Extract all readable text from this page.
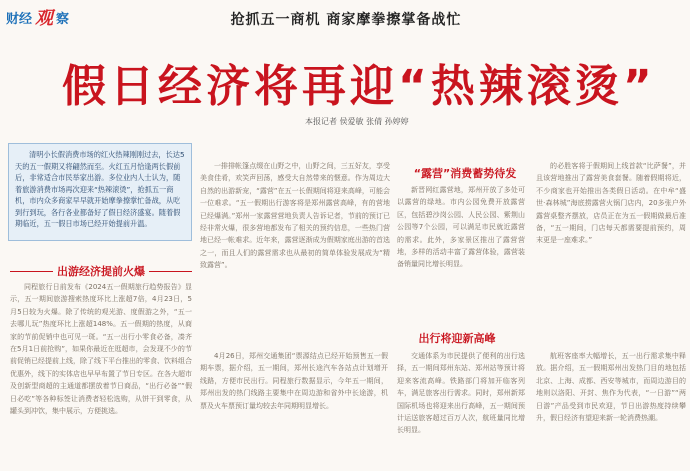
财经 观 察	抢抓五一商机 商家摩拳擦掌备战忙
假日经济将再迎“热辣滚烫”
本报记者 侯爱敏 张倩 孙婷婷

清明小长假消费市场的红火热辣刚刚过去，长达5天的五一假期又将翩然而至。火红五月恰逢两长假前后，非常适合市民举家出游。多位业内人士认为，随着旅游消费市场再次迎来“热辣滚烫”，抢抓五一商机，市内众多商家早早就开始摩拳擦掌忙备战，从吃到行到玩，各行各业都备好了假日经济盛宴。随着假期临近，五一假日市场已经开始提前升温。

出游经济提前火爆
“露营”消费蓄势待发
出行将迎新高峰

同程旅行日前发布《2024五一假期旅行趋势报告》显示，五一期间旅游搜索热度环比上涨超7倍，4月23日，5月5日较为火爆。除了传统的观光游、度假游之外，“五一去哪儿玩”热度环比上涨超148%。五一假期的热度，从商家的节前促销中也可见一斑。“五一出行小零食必备，凑齐在5月1日前抢购”，如果你最近在逛超市，会发现不少的节前促销已经提前上线，除了线下平台推出的零食、饮料组合优惠外，线下的实体店也早早布置了节日专区。在各大超市及创新型商超的主通道都摆放着节日商品，“出行必备”“假日必吃”等各种标签让消费者轻松选购，从饼干到零食，从罐头到冲饮，集中展示，方便挑选。

一排排帐篷点缀在山野之中，山野之间，三五好友，享受美食佳肴，欢笑声回荡，感受大自然带来的惬意。作为周边大自然的出游新宠，“露营”在五一长假期间将迎来高峰，可能会一位难求。“五一假期出行游客将是郑州露营高峰，有的营地已经爆满。”郑州一家露营营地负责人告诉记者，节前的预订已经非常火爆，很多营地都发布了相关的预约信息，一些热门营地已经一帐难求。近年来，露营逐渐成为假期家庭出游的首选之一，而且人们的露营需求也从最初的简单体验发展成为“精致露营”。

新晋网红露营地，郑州开放了多处可以露营的绿地。市内公园免费开放露营区，包括碧沙岗公园、人民公园、紫荆山公园等7个公园，可以满足市民就近露营的需求。此外，多家景区推出了露营营地，多样的活动丰富了露营体验，露营装备销量同比增长明显。

的必胜客将于假期间上线首款“比萨餐”，并且该营地推出了露营美食套餐。随着假期将近，不少商家也开始推出各类假日活动。在中牟“盛世·森林城”海底捞露营火锅门店内，20多张户外露营桌整齐摆放，店员正在为五一假期做最后准备，“五一期间，门店每天都需要提前预约，周末更是一座难求。”

4月26日，郑州交通集团“票源结点已经开始预售五一假期车票，据介绍，五一期间，郑州长途汽车各站点计划增开线路，方便市民出行。同程旅行数据显示，今年五一期间，郑州出发的热门线路主要集中在周边游和省外中长途游，机票及火车票预订量均较去年同期明显增长。

交通体系为市民提供了便利的出行选择，五一期间郑州东站、郑州站等预计将迎来客流高峰。铁路部门将加开临客列车，满足旅客出行需求。同时，郑州新郑国际机场也将迎来出行高峰，五一期间预计运送旅客超过百万人次，航班量同比增长明显。

航班客座率大幅增长，五一出行需求集中释放。据介绍，五一假期郑州出发热门目的地包括北京、上海、成都、西安等城市，而周边游目的地则以洛阳、开封、焦作为代表，“一日游”“两日游”产品受到市民欢迎，节日出游热度持续攀升，假日经济有望迎来新一轮消费热潮。
